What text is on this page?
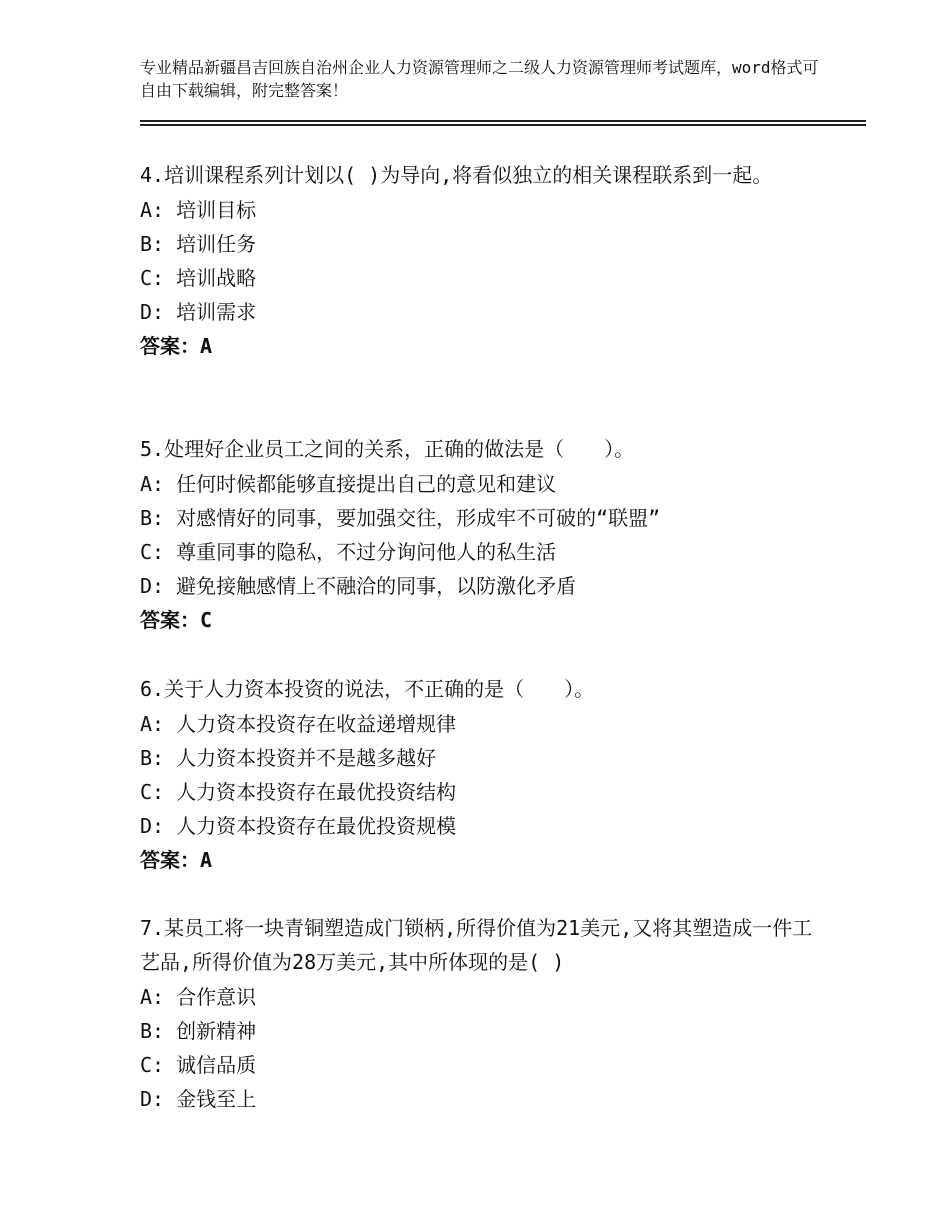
专业精品新疆昌吉回族自治州企业人力资源管理师之二级人力资源管理师考试题库，word格式可自由下载编辑，附完整答案！
4.培训课程系列计划以( )为导向,将看似独立的相关课程联系到一起。
A: 培训目标
B: 培训任务
C: 培训战略
D: 培训需求
答案：A
5.处理好企业员工之间的关系，正确的做法是（　　）。
A: 任何时候都能够直接提出自己的意见和建议
B: 对感情好的同事，要加强交往，形成牢不可破的“联盟”
C: 尊重同事的隐私，不过分询问他人的私生活
D: 避免接触感情上不融洽的同事，以防激化矛盾
答案：C
6.关于人力资本投资的说法，不正确的是（　　）。
A: 人力资本投资存在收益递增规律
B: 人力资本投资并不是越多越好
C: 人力资本投资存在最优投资结构
D: 人力资本投资存在最优投资规模
答案：A
7.某员工将一块青铜塑造成门锁柄,所得价值为21美元,又将其塑造成一件工艺品,所得价值为28万美元,其中所体现的是( )
A: 合作意识
B: 创新精神
C: 诚信品质
D: 金钱至上
